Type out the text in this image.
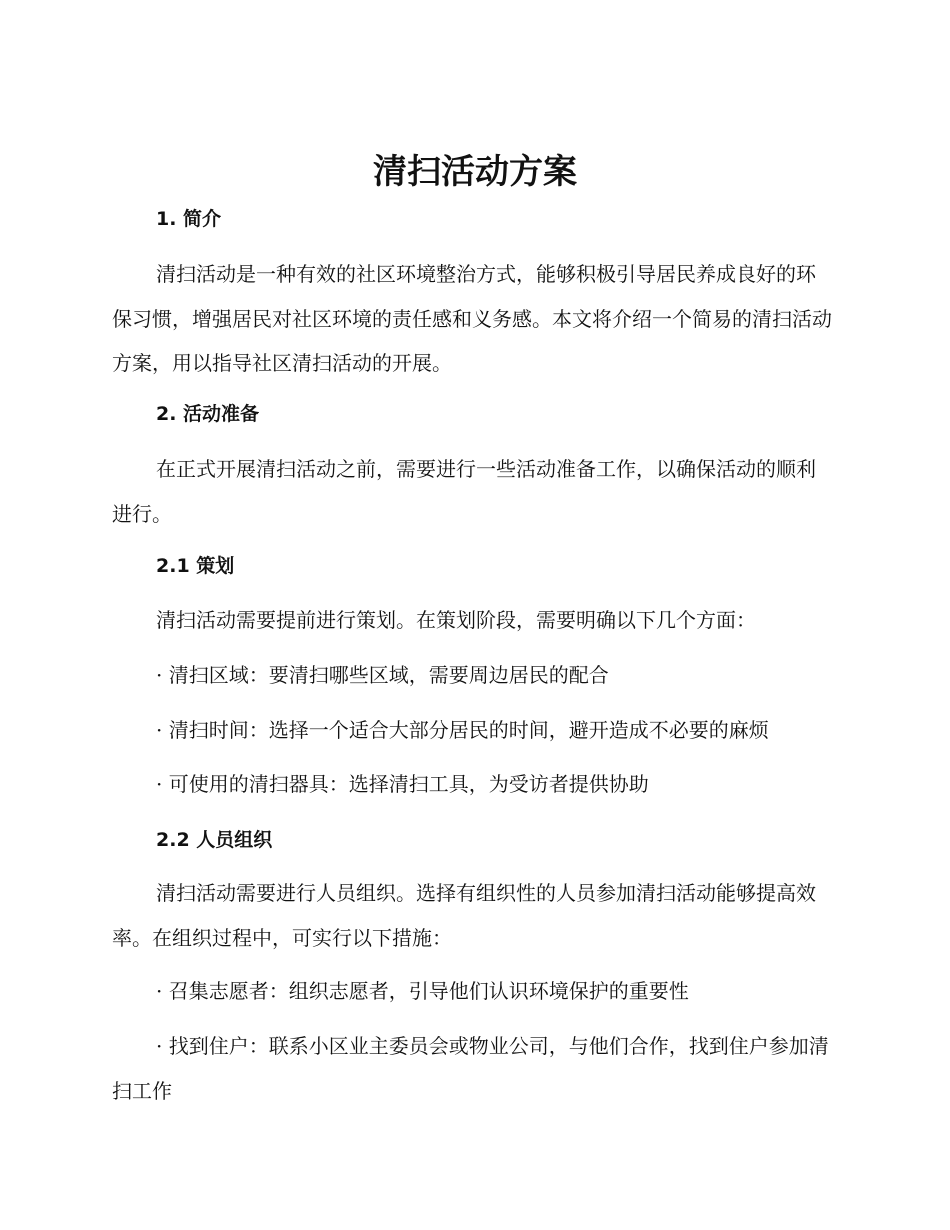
清扫活动方案
1. 简介

清扫活动是一种有效的社区环境整治方式，能够积极引导居民养成良好的环保习惯，增强居民对社区环境的责任感和义务感。本文将介绍一个简易的清扫活动方案，用以指导社区清扫活动的开展。

2. 活动准备

在正式开展清扫活动之前，需要进行一些活动准备工作，以确保活动的顺利进行。

2.1 策划

清扫活动需要提前进行策划。在策划阶段，需要明确以下几个方面：

· 清扫区域：要清扫哪些区域，需要周边居民的配合

· 清扫时间：选择一个适合大部分居民的时间，避开造成不必要的麻烦

· 可使用的清扫器具：选择清扫工具，为受访者提供协助

2.2 人员组织

清扫活动需要进行人员组织。选择有组织性的人员参加清扫活动能够提高效率。在组织过程中，可实行以下措施：

· 召集志愿者：组织志愿者，引导他们认识环境保护的重要性

· 找到住户：联系小区业主委员会或物业公司，与他们合作，找到住户参加清扫工作
